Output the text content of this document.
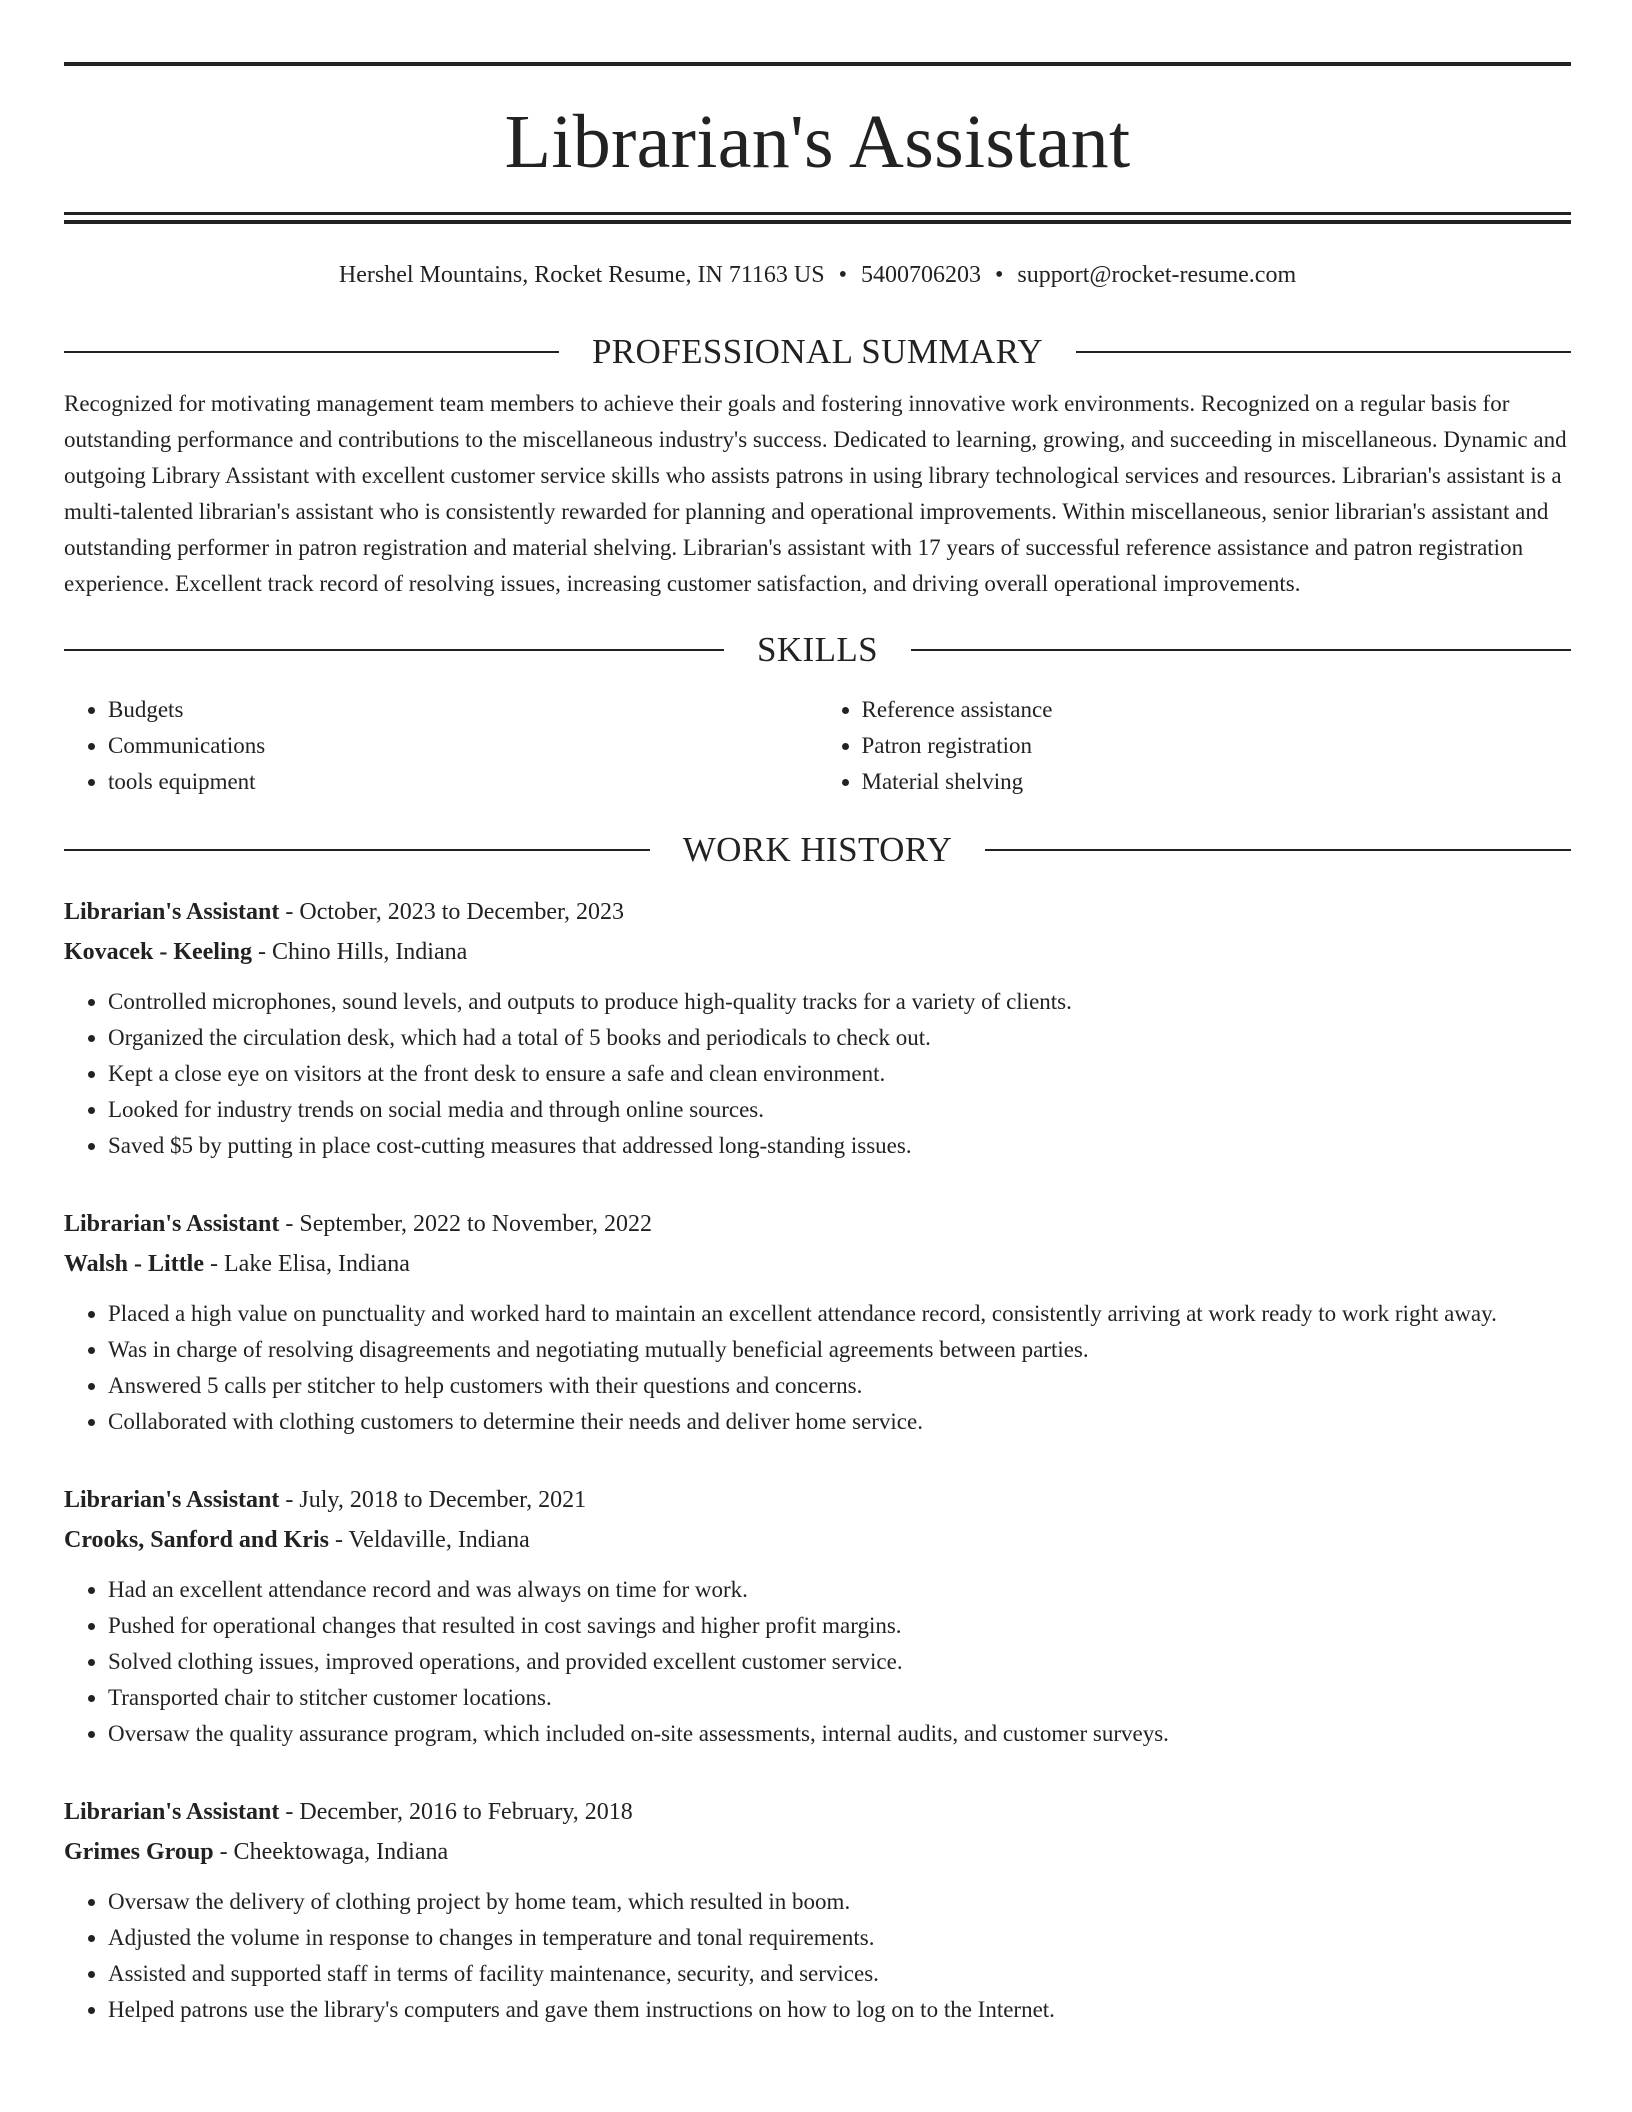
Librarian's Assistant
Hershel Mountains, Rocket Resume, IN 71163 US • 5400706203 • support@rocket-resume.com
PROFESSIONAL SUMMARY
Recognized for motivating management team members to achieve their goals and fostering innovative work environments. Recognized on a regular basis for outstanding performance and contributions to the miscellaneous industry's success. Dedicated to learning, growing, and succeeding in miscellaneous. Dynamic and outgoing Library Assistant with excellent customer service skills who assists patrons in using library technological services and resources. Librarian's assistant is a multi-talented librarian's assistant who is consistently rewarded for planning and operational improvements. Within miscellaneous, senior librarian's assistant and outstanding performer in patron registration and material shelving. Librarian's assistant with 17 years of successful reference assistance and patron registration experience. Excellent track record of resolving issues, increasing customer satisfaction, and driving overall operational improvements.
SKILLS
• Budgets
• Communications
• tools equipment
• Reference assistance
• Patron registration
• Material shelving
WORK HISTORY
Librarian's Assistant - October, 2023 to December, 2023
Kovacek - Keeling - Chino Hills, Indiana
• Controlled microphones, sound levels, and outputs to produce high-quality tracks for a variety of clients.
• Organized the circulation desk, which had a total of 5 books and periodicals to check out.
• Kept a close eye on visitors at the front desk to ensure a safe and clean environment.
• Looked for industry trends on social media and through online sources.
• Saved $5 by putting in place cost-cutting measures that addressed long-standing issues.
Librarian's Assistant - September, 2022 to November, 2022
Walsh - Little - Lake Elisa, Indiana
• Placed a high value on punctuality and worked hard to maintain an excellent attendance record, consistently arriving at work ready to work right away.
• Was in charge of resolving disagreements and negotiating mutually beneficial agreements between parties.
• Answered 5 calls per stitcher to help customers with their questions and concerns.
• Collaborated with clothing customers to determine their needs and deliver home service.
Librarian's Assistant - July, 2018 to December, 2021
Crooks, Sanford and Kris - Veldaville, Indiana
• Had an excellent attendance record and was always on time for work.
• Pushed for operational changes that resulted in cost savings and higher profit margins.
• Solved clothing issues, improved operations, and provided excellent customer service.
• Transported chair to stitcher customer locations.
• Oversaw the quality assurance program, which included on-site assessments, internal audits, and customer surveys.
Librarian's Assistant - December, 2016 to February, 2018
Grimes Group - Cheektowaga, Indiana
• Oversaw the delivery of clothing project by home team, which resulted in boom.
• Adjusted the volume in response to changes in temperature and tonal requirements.
• Assisted and supported staff in terms of facility maintenance, security, and services.
• Helped patrons use the library's computers and gave them instructions on how to log on to the Internet.
